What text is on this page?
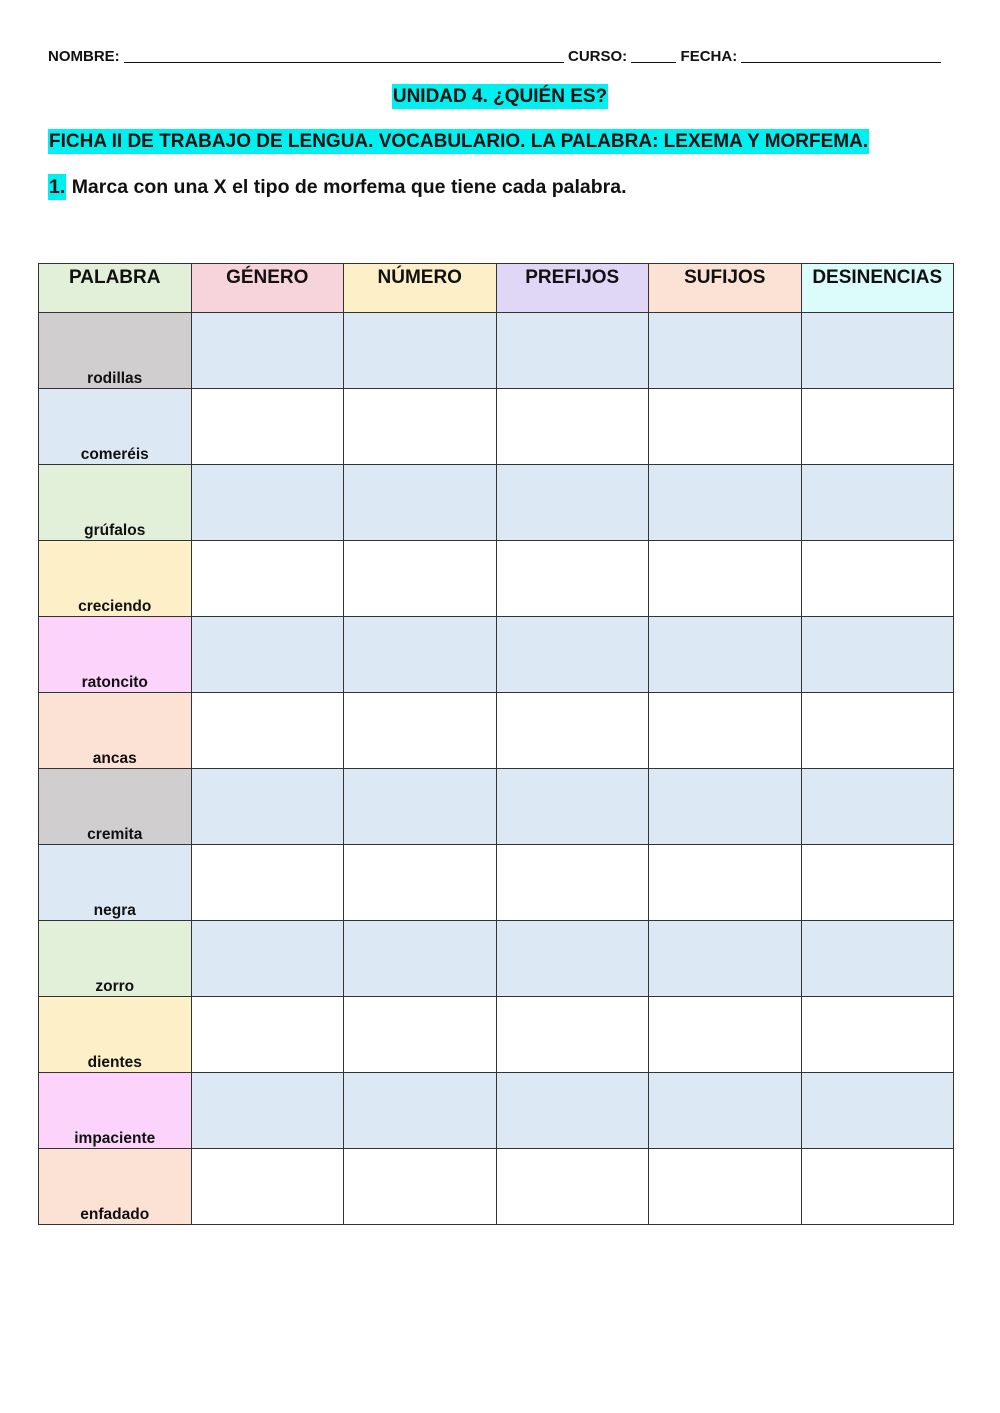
NOMBRE:	CURSO:	FECHA:
UNIDAD 4. ¿QUIÉN ES?
FICHA II DE TRABAJO DE LENGUA. VOCABULARIO. LA PALABRA: LEXEMA Y MORFEMA.
1. Marca con una X el tipo de morfema que tiene cada palabra.
PALABRA	GÉNERO	NÚMERO	PREFIJOS	SUFIJOS	DESINENCIAS
rodillas					
comeréis					
grúfalos					
creciendo					
ratoncito					
ancas					
cremita					
negra					
zorro					
dientes					
impaciente					
enfadado					
